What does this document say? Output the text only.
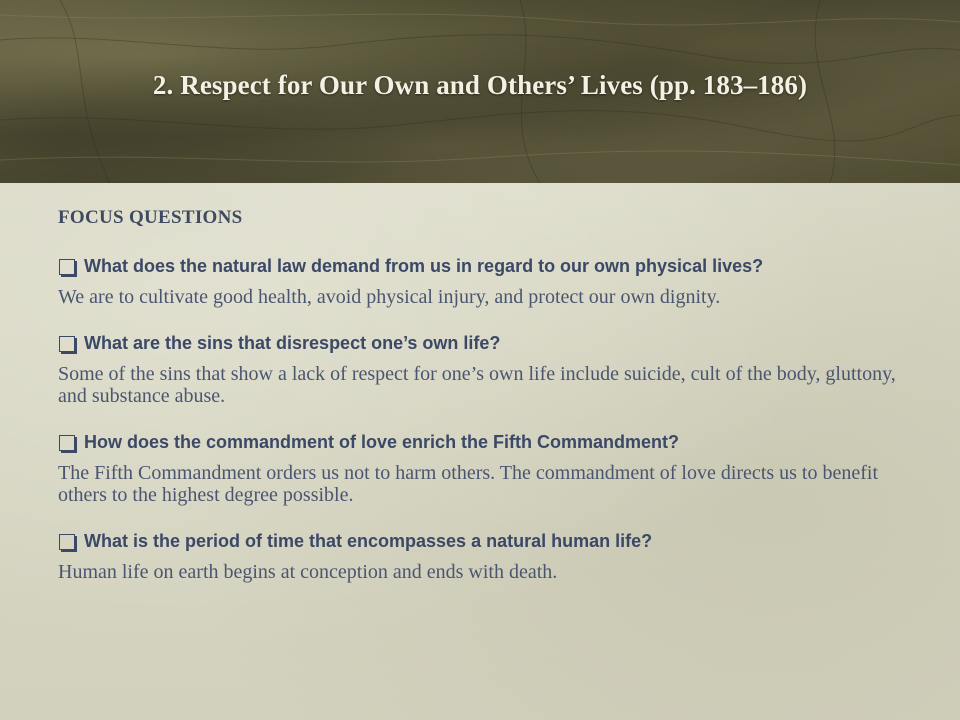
2. Respect for Our Own and Others’ Lives (pp. 183–186)
FOCUS QUESTIONS
What does the natural law demand from us in regard to our own physical lives?
We are to cultivate good health, avoid physical injury, and protect our own dignity.
What are the sins that disrespect one’s own life?
Some of the sins that show a lack of respect for one’s own life include suicide, cult of the body, gluttony, and substance abuse.
How does the commandment of love enrich the Fifth Commandment?
The Fifth Commandment orders us not to harm others. The commandment of love directs us to benefit others to the highest degree possible.
What is the period of time that encompasses a natural human life?
Human life on earth begins at conception and ends with death.
